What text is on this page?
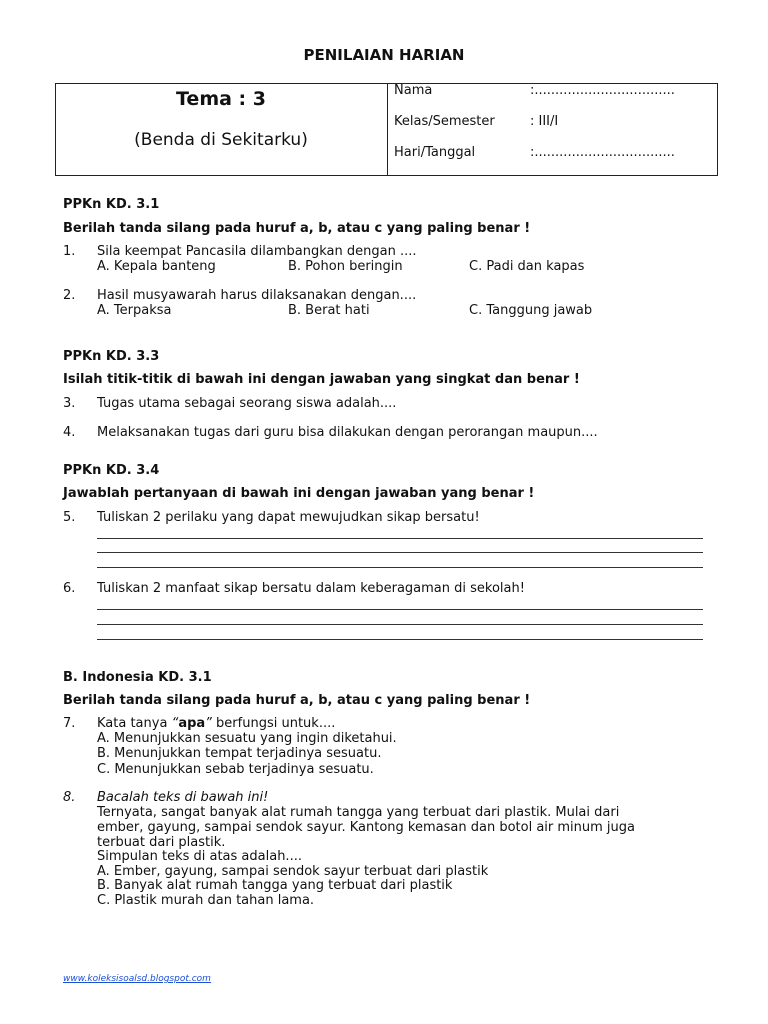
PENILAIAN HARIAN
Tema : 3
(Benda di Sekitarku)
Nama	:..................................
Kelas/Semester	: III/I
Hari/Tanggal	:..................................
PPKn KD. 3.1
Berilah tanda silang pada huruf a, b, atau c yang paling benar !
1. Sila keempat Pancasila dilambangkan dengan ....
A. Kepala banteng	B. Pohon beringin	C. Padi dan kapas
2. Hasil musyawarah harus dilaksanakan dengan....
A. Terpaksa	B. Berat hati	C. Tanggung jawab
PPKn KD. 3.3
Isilah titik-titik di bawah ini dengan jawaban yang singkat dan benar !
3. Tugas utama sebagai seorang siswa adalah....
4. Melaksanakan tugas dari guru bisa dilakukan dengan perorangan maupun....
PPKn KD. 3.4
Jawablah pertanyaan di bawah ini dengan jawaban yang benar !
5. Tuliskan 2 perilaku yang dapat mewujudkan sikap bersatu!
6. Tuliskan 2 manfaat sikap bersatu dalam keberagaman di sekolah!
B. Indonesia KD. 3.1
Berilah tanda silang pada huruf a, b, atau c yang paling benar !
7. Kata tanya “apa” berfungsi untuk....
A. Menunjukkan sesuatu yang ingin diketahui.
B. Menunjukkan tempat terjadinya sesuatu.
C. Menunjukkan sebab terjadinya sesuatu.
8. Bacalah teks di bawah ini!
Ternyata, sangat banyak alat rumah tangga yang terbuat dari plastik. Mulai dari
ember, gayung, sampai sendok sayur. Kantong kemasan dan botol air minum juga
terbuat dari plastik.
Simpulan teks di atas adalah....
A. Ember, gayung, sampai sendok sayur terbuat dari plastik
B. Banyak alat rumah tangga yang terbuat dari plastik
C. Plastik murah dan tahan lama.
www.koleksisoalsd.blogspot.com
